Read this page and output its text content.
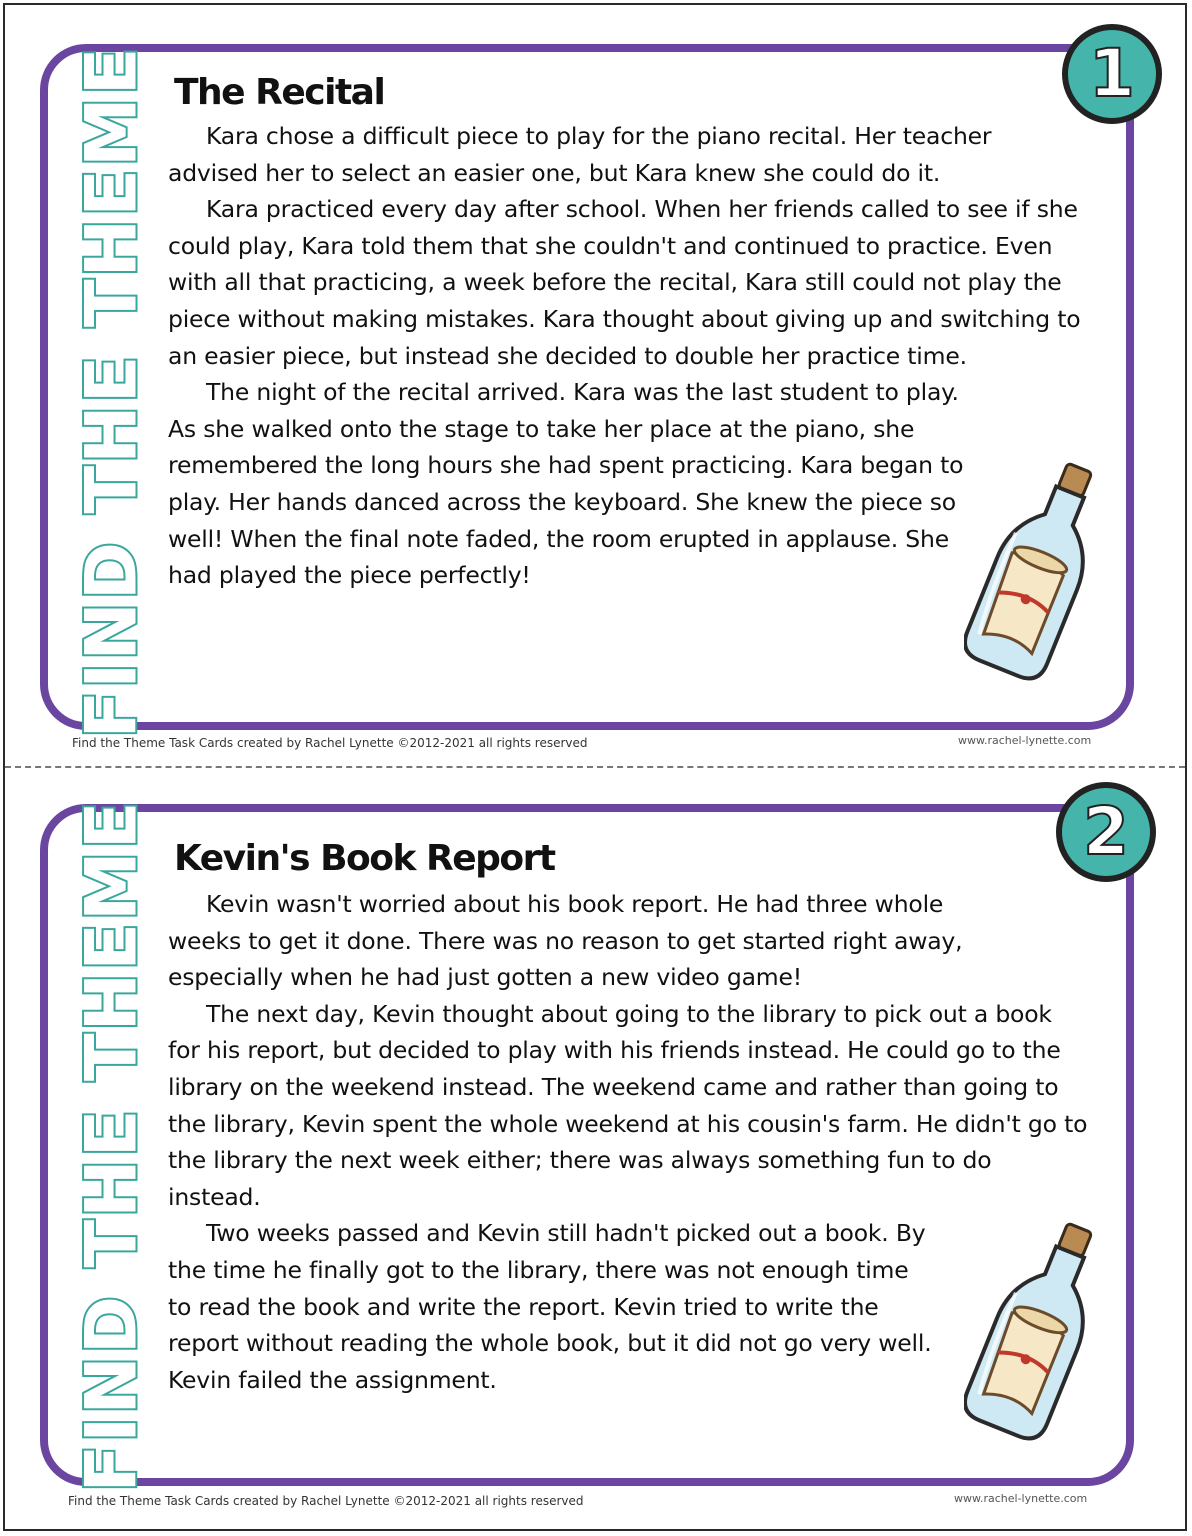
FIND THE THEME The Recital

Kara chose a difficult piece to play for the piano recital. Her teacher advised her to select an easier one, but Kara knew she could do it.

Kara practiced every day after school. When her friends called to see if she could play, Kara told them that she couldn't and continued to practice. Even with all that practicing, a week before the recital, Kara still could not play the piece without making mistakes. Kara thought about giving up and switching to an easier piece, but instead she decided to double her practice time.

The night of the recital arrived. Kara was the last student to play. As she walked onto the stage to take her place at the piano, she remembered the long hours she had spent practicing. Kara began to play. Her hands danced across the keyboard. She knew the piece so well! When the final note faded, the room erupted in applause. She had played the piece perfectly!

1
Find the Theme Task Cards created by Rachel Lynette ©2012-2021 all rights reserved	www.rachel-lynette.com
FIND THE THEME Kevin's Book Report

Kevin wasn't worried about his book report. He had three whole weeks to get it done. There was no reason to get started right away, especially when he had just gotten a new video game!

The next day, Kevin thought about going to the library to pick out a book for his report, but decided to play with his friends instead. He could go to the library on the weekend instead. The weekend came and rather than going to the library, Kevin spent the whole weekend at his cousin's farm. He didn't go to the library the next week either; there was always something fun to do instead.

Two weeks passed and Kevin still hadn't picked out a book. By the time he finally got to the library, there was not enough time to read the book and write the report. Kevin tried to write the report without reading the whole book, but it did not go very well. Kevin failed the assignment.

2
Find the Theme Task Cards created by Rachel Lynette ©2012-2021 all rights reserved	www.rachel-lynette.com
